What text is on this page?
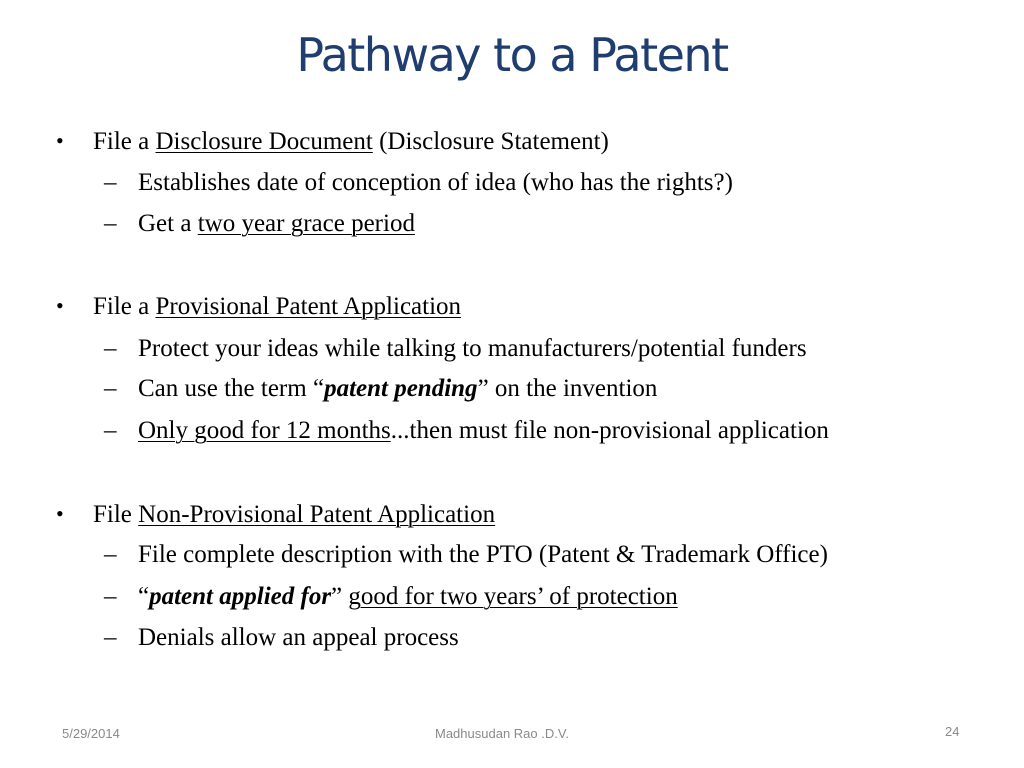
Pathway to a Patent
• File a Disclosure Document (Disclosure Statement)
– Establishes date of conception of idea (who has the rights?)
– Get a two year grace period
• File a Provisional Patent Application
– Protect your ideas while talking to manufacturers/potential funders
– Can use the term “patent pending” on the invention
– Only good for 12 months...then must file non-provisional application
• File Non-Provisional Patent Application
– File complete description with the PTO (Patent & Trademark Office)
– “patent applied for” good for two years’ of protection
– Denials allow an appeal process
5/29/2014	Madhusudan Rao .D.V.	24
